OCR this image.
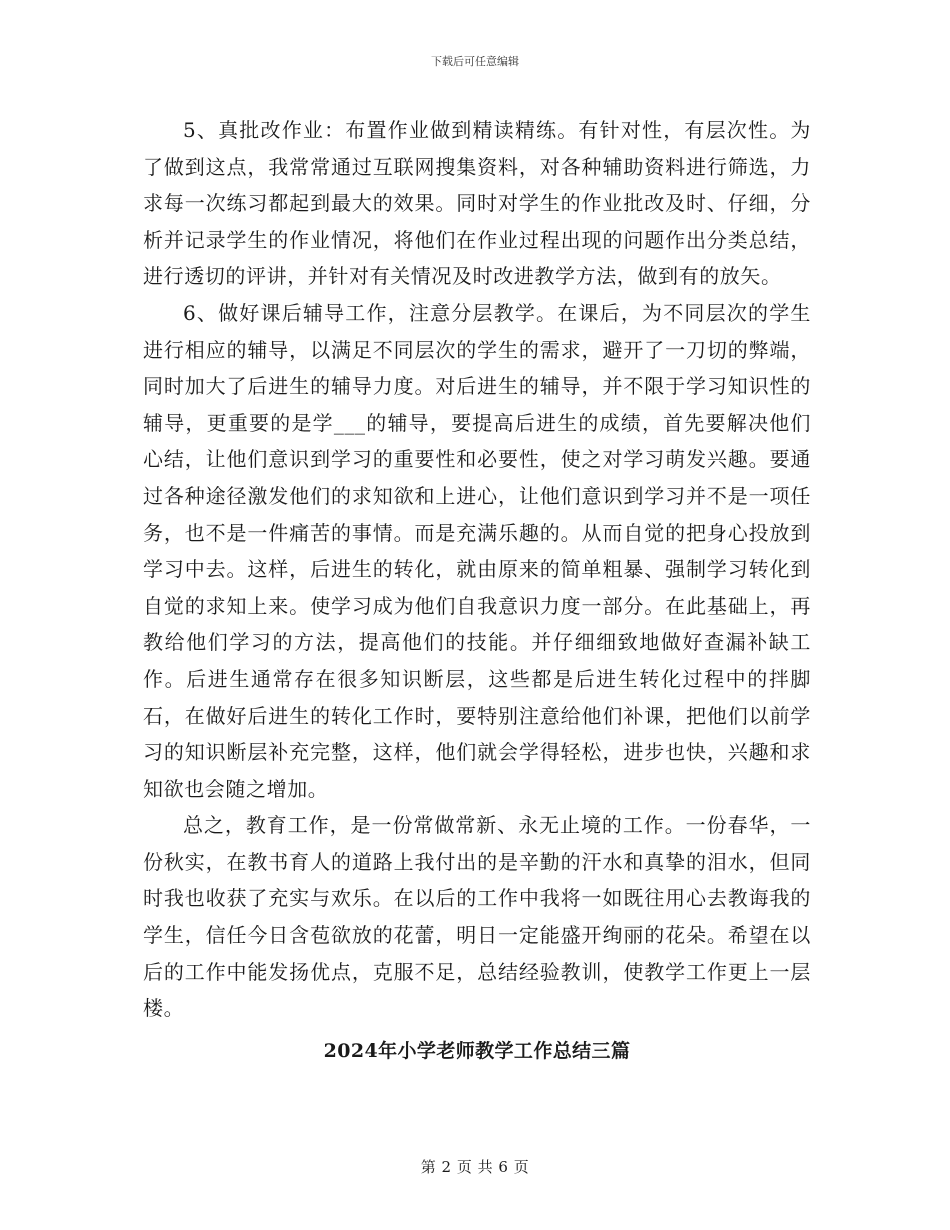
下载后可任意编辑

5、真批改作业：布置作业做到精读精练。有针对性，有层次性。为了做到这点，我常常通过互联网搜集资料，对各种辅助资料进行筛选，力求每一次练习都起到最大的效果。同时对学生的作业批改及时、仔细，分析并记录学生的作业情况，将他们在作业过程出现的问题作出分类总结，进行透切的评讲，并针对有关情况及时改进教学方法，做到有的放矢。

6、做好课后辅导工作，注意分层教学。在课后，为不同层次的学生进行相应的辅导，以满足不同层次的学生的需求，避开了一刀切的弊端，同时加大了后进生的辅导力度。对后进生的辅导，并不限于学习知识性的辅导，更重要的是学___的辅导，要提高后进生的成绩，首先要解决他们心结，让他们意识到学习的重要性和必要性，使之对学习萌发兴趣。要通过各种途径激发他们的求知欲和上进心，让他们意识到学习并不是一项任务，也不是一件痛苦的事情。而是充满乐趣的。从而自觉的把身心投放到学习中去。这样，后进生的转化，就由原来的简单粗暴、强制学习转化到自觉的求知上来。使学习成为他们自我意识力度一部分。在此基础上，再教给他们学习的方法，提高他们的技能。并仔细细致地做好查漏补缺工作。后进生通常存在很多知识断层，这些都是后进生转化过程中的拌脚石，在做好后进生的转化工作时，要特别注意给他们补课，把他们以前学习的知识断层补充完整，这样，他们就会学得轻松，进步也快，兴趣和求知欲也会随之增加。

总之，教育工作，是一份常做常新、永无止境的工作。一份春华，一份秋实，在教书育人的道路上我付出的是辛勤的汗水和真挚的泪水，但同时我也收获了充实与欢乐。在以后的工作中我将一如既往用心去教诲我的学生，信任今日含苞欲放的花蕾，明日一定能盛开绚丽的花朵。希望在以后的工作中能发扬优点，克服不足，总结经验教训，使教学工作更上一层楼。

2024年小学老师教学工作总结三篇

第 2 页 共 6 页
